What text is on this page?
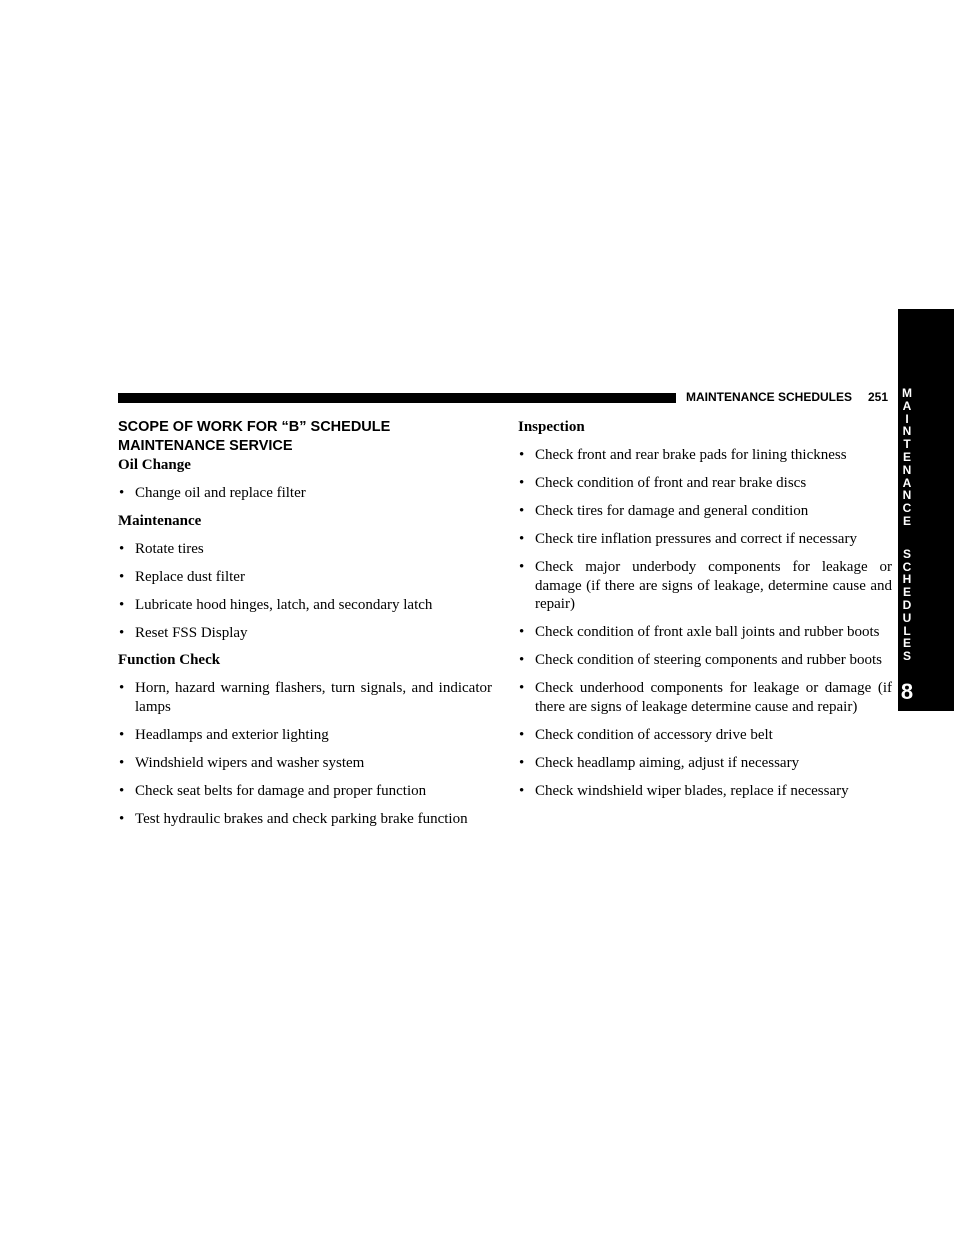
MAINTENANCE SCHEDULES	251 M
A
I
N
T
E
N
A
N
C
E
S
C
H
E
D
U
L
E
S
8
SCOPE OF WORK FOR “B” SCHEDULE
MAINTENANCE SERVICE

Oil Change

• Change oil and replace filter

Maintenance

• Rotate tires
• Replace dust filter
• Lubricate hood hinges, latch, and secondary latch
• Reset FSS Display

Function Check

• Horn, hazard warning flashers, turn signals, and indicator lamps
• Headlamps and exterior lighting
• Windshield wipers and washer system
• Check seat belts for damage and proper function
• Test hydraulic brakes and check parking brake function

Inspection

• Check front and rear brake pads for lining thickness
• Check condition of front and rear brake discs
• Check tires for damage and general condition
• Check tire inflation pressures and correct if necessary
• Check major underbody components for leakage or damage (if there are signs of leakage, determine cause and repair)
• Check condition of front axle ball joints and rubber boots
• Check condition of steering components and rubber boots
• Check underhood components for leakage or damage (if there are signs of leakage determine cause and repair)
• Check condition of accessory drive belt
• Check headlamp aiming, adjust if necessary
• Check windshield wiper blades, replace if necessary
